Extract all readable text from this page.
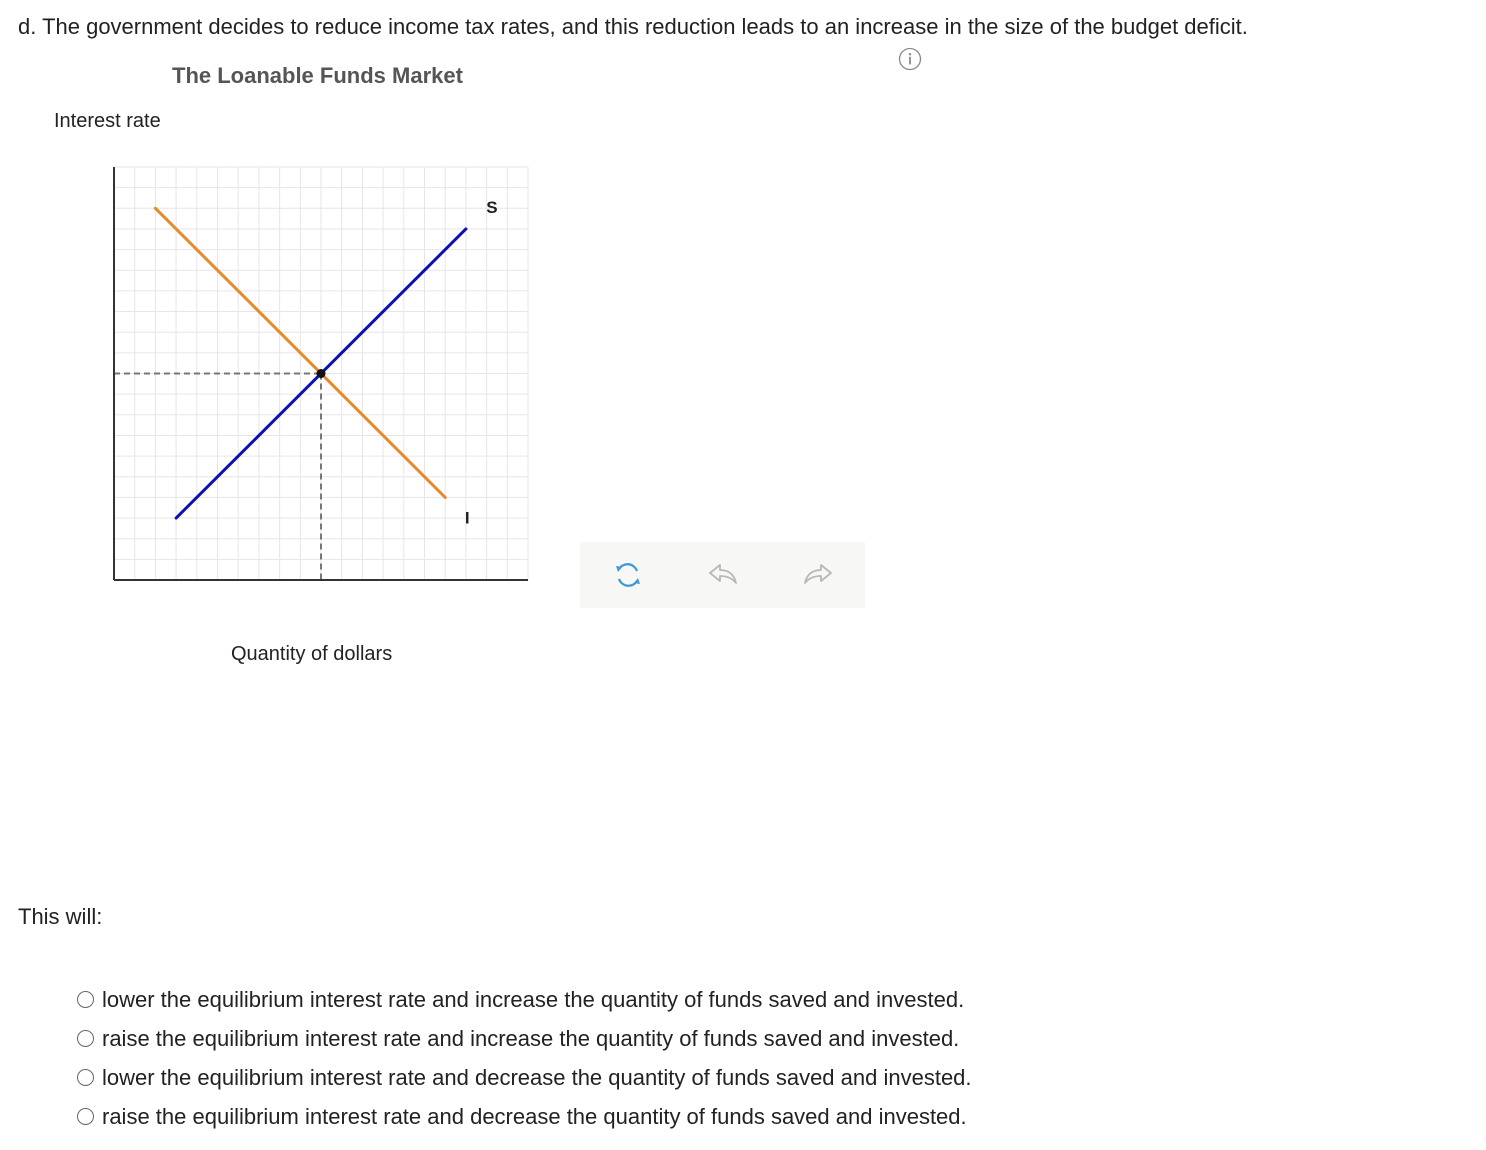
d. The government decides to reduce income tax rates, and this reduction leads to an increase in the size of the budget deficit.
The Loanable Funds Market
Interest rate
Quantity of dollars
S
I
This will:
lower the equilibrium interest rate and increase the quantity of funds saved and invested.
raise the equilibrium interest rate and increase the quantity of funds saved and invested.
lower the equilibrium interest rate and decrease the quantity of funds saved and invested.
raise the equilibrium interest rate and decrease the quantity of funds saved and invested.
